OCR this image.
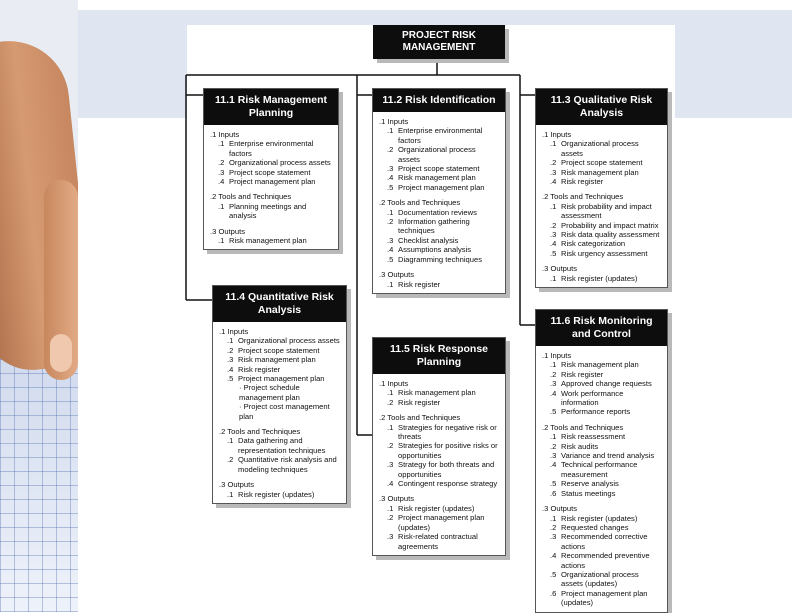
PROJECT RISK MANAGEMENT
11.1 Risk Management Planning
.1 Inputs
.1 Enterprise environmental factors
.2 Organizational process assets
.3 Project scope statement
.4 Project management plan
.2 Tools and Techniques
.1 Planning meetings and analysis
.3 Outputs
.1 Risk management plan
11.2 Risk Identification
.1 Inputs
.1 Enterprise environmental factors
.2 Organizational process assets
.3 Project scope statement
.4 Risk management plan
.5 Project management plan
.2 Tools and Techniques
.1 Documentation reviews
.2 Information gathering techniques
.3 Checklist analysis
.4 Assumptions analysis
.5 Diagramming techniques
.3 Outputs
.1 Risk register
11.3 Qualitative Risk Analysis
.1 Inputs
.1 Organizational process assets
.2 Project scope statement
.3 Risk management plan
.4 Risk register
.2 Tools and Techniques
.1 Risk probability and impact assessment
.2 Probability and impact matrix
.3 Risk data quality assessment
.4 Risk categorization
.5 Risk urgency assessment
.3 Outputs
.1 Risk register (updates)
11.4 Quantitative Risk Analysis
.1 Inputs
.1 Organizational process assets
.2 Project scope statement
.3 Risk management plan
.4 Risk register
.5 Project management plan
· Project schedule management plan
· Project cost management plan
.2 Tools and Techniques
.1 Data gathering and representation techniques
.2 Quantitative risk analysis and modeling techniques
.3 Outputs
.1 Risk register (updates)
11.5 Risk Response Planning
.1 Inputs
.1 Risk management plan
.2 Risk register
.2 Tools and Techniques
.1 Strategies for negative risk or threats
.2 Strategies for positive risks or opportunities
.3 Strategy for both threats and opportunities
.4 Contingent response strategy
.3 Outputs
.1 Risk register (updates)
.2 Project management plan (updates)
.3 Risk-related contractual agreements
11.6 Risk Monitoring and Control
.1 Inputs
.1 Risk management plan
.2 Risk register
.3 Approved change requests
.4 Work performance information
.5 Performance reports
.2 Tools and Techniques
.1 Risk reassessment
.2 Risk audits
.3 Variance and trend analysis
.4 Technical performance measurement
.5 Reserve analysis
.6 Status meetings
.3 Outputs
.1 Risk register (updates)
.2 Requested changes
.3 Recommended corrective actions
.4 Recommended preventive actions
.5 Organizational process assets (updates)
.6 Project management plan (updates)
